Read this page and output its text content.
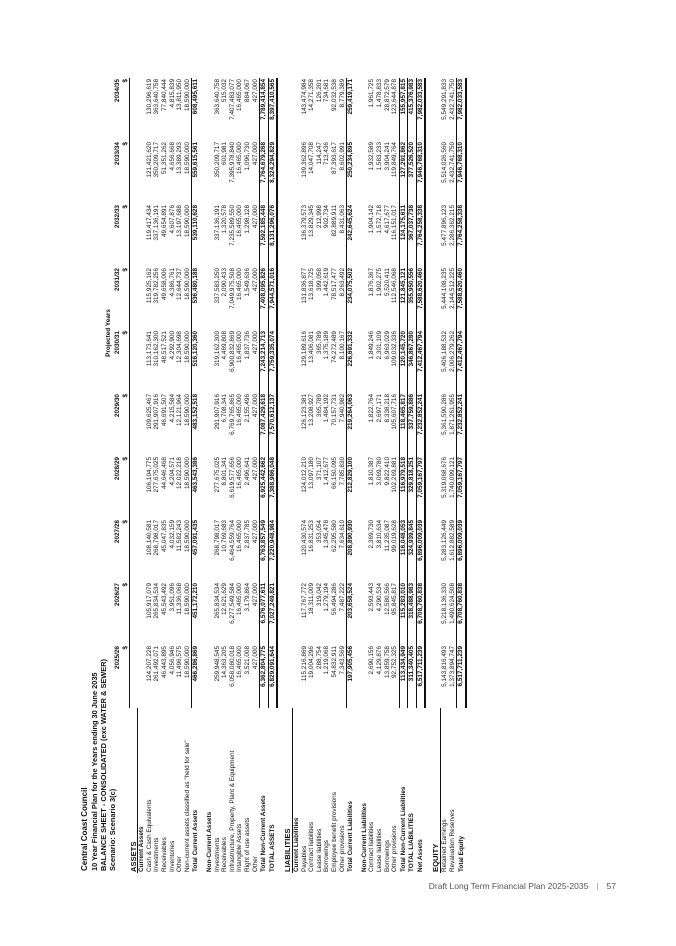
Central Coast Council 10 Year Financial Plan for the Years ending 30 June 2035 BALANCE SHEET - CONSOLIDATED (exc WATER & SEWER) Scenario: Scenario 3(c)
Projected Years
	2025/26	2026/27	2027/28	2028/29	2029/30	2030/31	2031/32	2032/33	2033/34	2034/35
	$	$	$	$	$	$	$	$	$	$
ASSETS										
Current Assets										
Cash & Cash Equivalents	124,207,228	105,917,079	108,140,581	106,104,775	109,625,467	113,173,641	115,925,162	119,417,434	121,421,620	130,296,619
Investments	261,492,071	265,834,534	268,798,017	277,675,025	291,907,916	310,162,300	319,782,256	337,136,191	350,209,717	363,640,758
Receivables	46,443,895	45,543,492	45,047,835	44,646,468	46,691,507	48,517,521	49,658,006	49,654,891	51,351,262	77,840,444
Inventories	4,056,946	3,951,096	4,032,159	4,204,571	4,215,584	4,292,900	4,386,761	4,607,876	4,656,668	4,815,839
Other	11,496,575	11,336,068	11,582,243	12,022,218	12,121,964	12,304,698	12,644,737	13,197,688	13,389,293	13,811,950
Non-current assets classified as "held for sale"	18,590,000	18,590,000	18,590,000	18,590,000	18,590,000	18,590,000	18,590,000	18,590,000	18,590,000	18,590,000
Total Current Assets	466,286,869	451,172,210	457,091,435	463,543,386	483,152,518	516,120,360	536,480,188	539,110,628	559,615,561	608,495,611

Non-Current Assets										
Investments	259,948,545	265,834,534	268,798,017	277,675,025	291,907,916	319,162,300	337,583,250	337,136,191	350,209,717	363,640,758
Receivables	14,363,205	12,621,629	10,769,683	8,801,341	6,708,341	4,469,808	2,090,433	1,320,578	601,981	515,032
Infrastructure, Property, Plant & Equipment	6,058,080,018	6,277,549,584	6,464,559,764	6,619,577,656	6,769,765,865	6,900,832,869	7,049,975,508	7,235,589,550	7,395,978,840	7,407,483,077
Intangible Assets	16,465,000	16,465,000	16,465,000	16,465,000	16,465,000	16,465,000	16,465,000	16,465,000	16,465,000	16,465,000
Right of use assets	3,521,008	3,179,864	2,837,785	2,496,641	2,155,496	1,837,736	1,549,636	1,298,128	1,096,730	884,067
Other	427,000	427,000	427,000	427,000	427,000	427,000	427,000	427,000	427,000	427,000
Total Non-Current Assets	6,362,804,775	6,576,077,611	6,763,857,549	6,925,442,662	7,087,429,618	7,243,214,713	7,408,095,826	7,592,185,448	7,764,679,268	7,789,414,854
TOTAL ASSETS	6,829,091,644	7,027,249,821	7,220,948,984	7,388,986,048	7,570,612,137	7,759,335,074	7,944,571,016	8,131,296,076	8,324,294,829	8,397,410,565

LIABILITIES										
Current Liabilities										
Payables	115,216,869	117,767,772	120,430,574	124,012,210	126,123,381	129,189,616	131,836,877	136,379,573	139,362,896	143,474,984
Contract liabilities	19,004,296	18,311,009	16,831,253	13,097,180	13,208,927	13,406,081	13,618,725	13,829,345	14,047,708	14,271,358
Lease liabilities	288,754	319,042	353,054	371,107	365,789	365,789	399,058	212,998	114,247	126,201
Borrowings	1,219,068	1,279,194	1,345,478	1,412,677	1,484,192	1,375,189	1,442,619	902,734	713,436	734,681
Employee benefit provisions	54,832,911	56,494,286	62,295,580	66,150,095	70,157,731	74,272,489	78,517,477	82,889,911	87,393,617	92,032,538
Other provisions	7,343,569	7,487,222	7,634,610	7,785,830	7,940,982	8,100,167	8,263,492	8,431,063	8,602,991	8,779,389
Total Current Liabilities	197,905,456	203,658,524	208,890,930	212,829,100	219,264,063	226,691,332	234,075,502	242,645,624	250,234,895	259,419,171

Non-Current Liabilities										
Contract liabilities	2,690,156	2,593,443	2,369,730	1,810,387	1,822,764	1,849,246	1,876,367	1,904,142	1,932,589	1,961,725
Lease liabilities	4,129,876	4,290,534	3,810,634	3,069,780	2,697,171	2,301,109	1,902,275	1,572,718	1,583,233	1,478,833
Borrowings	13,859,758	12,580,566	11,235,087	9,822,410	8,338,218	6,963,029	5,520,411	4,617,677	3,904,241	28,872,579
Other provisions	92,752,325	95,845,817	99,019,628	102,269,881	105,607,716	109,032,336	112,546,068	116,151,017	119,849,764	123,644,878
Total Non-Current Liabilities	113,434,949	115,283,010	116,048,053	116,979,518	118,465,817	120,145,720	121,845,121	124,175,611	127,291,862	155,957,815
TOTAL LIABILITIES	311,340,405	318,488,983	324,939,845	329,818,251	337,759,886	346,867,280	355,950,556	367,037,738	377,526,520	415,376,983
Net Assets	6,517,711,239	6,708,760,838	6,896,009,039	7,059,167,797	7,232,852,241	7,412,467,794	7,588,620,460	7,764,258,338	7,946,768,310	7,982,033,583

EQUITY										
Retained Earnings	5,143,816,493	5,218,136,330	5,283,126,449	5,319,068,676	5,361,590,286	5,406,188,532	5,444,108,235	5,477,896,123	5,514,026,560	5,549,291,833
Revaluation Reserves	1,373,894,747	1,490,624,508	1,612,882,589	1,740,099,121	1,871,261,955	2,006,279,262	2,144,512,225	2,286,362,215	2,432,741,750	2,432,741,750
Total Equity	6,517,711,239	6,708,760,838	6,896,009,039	7,059,167,797	7,232,852,241	7,412,467,794	7,588,620,460	7,764,258,338	7,946,768,310	7,982,033,583
Draft Long Term Financial Plan 2025-2035 | 57
